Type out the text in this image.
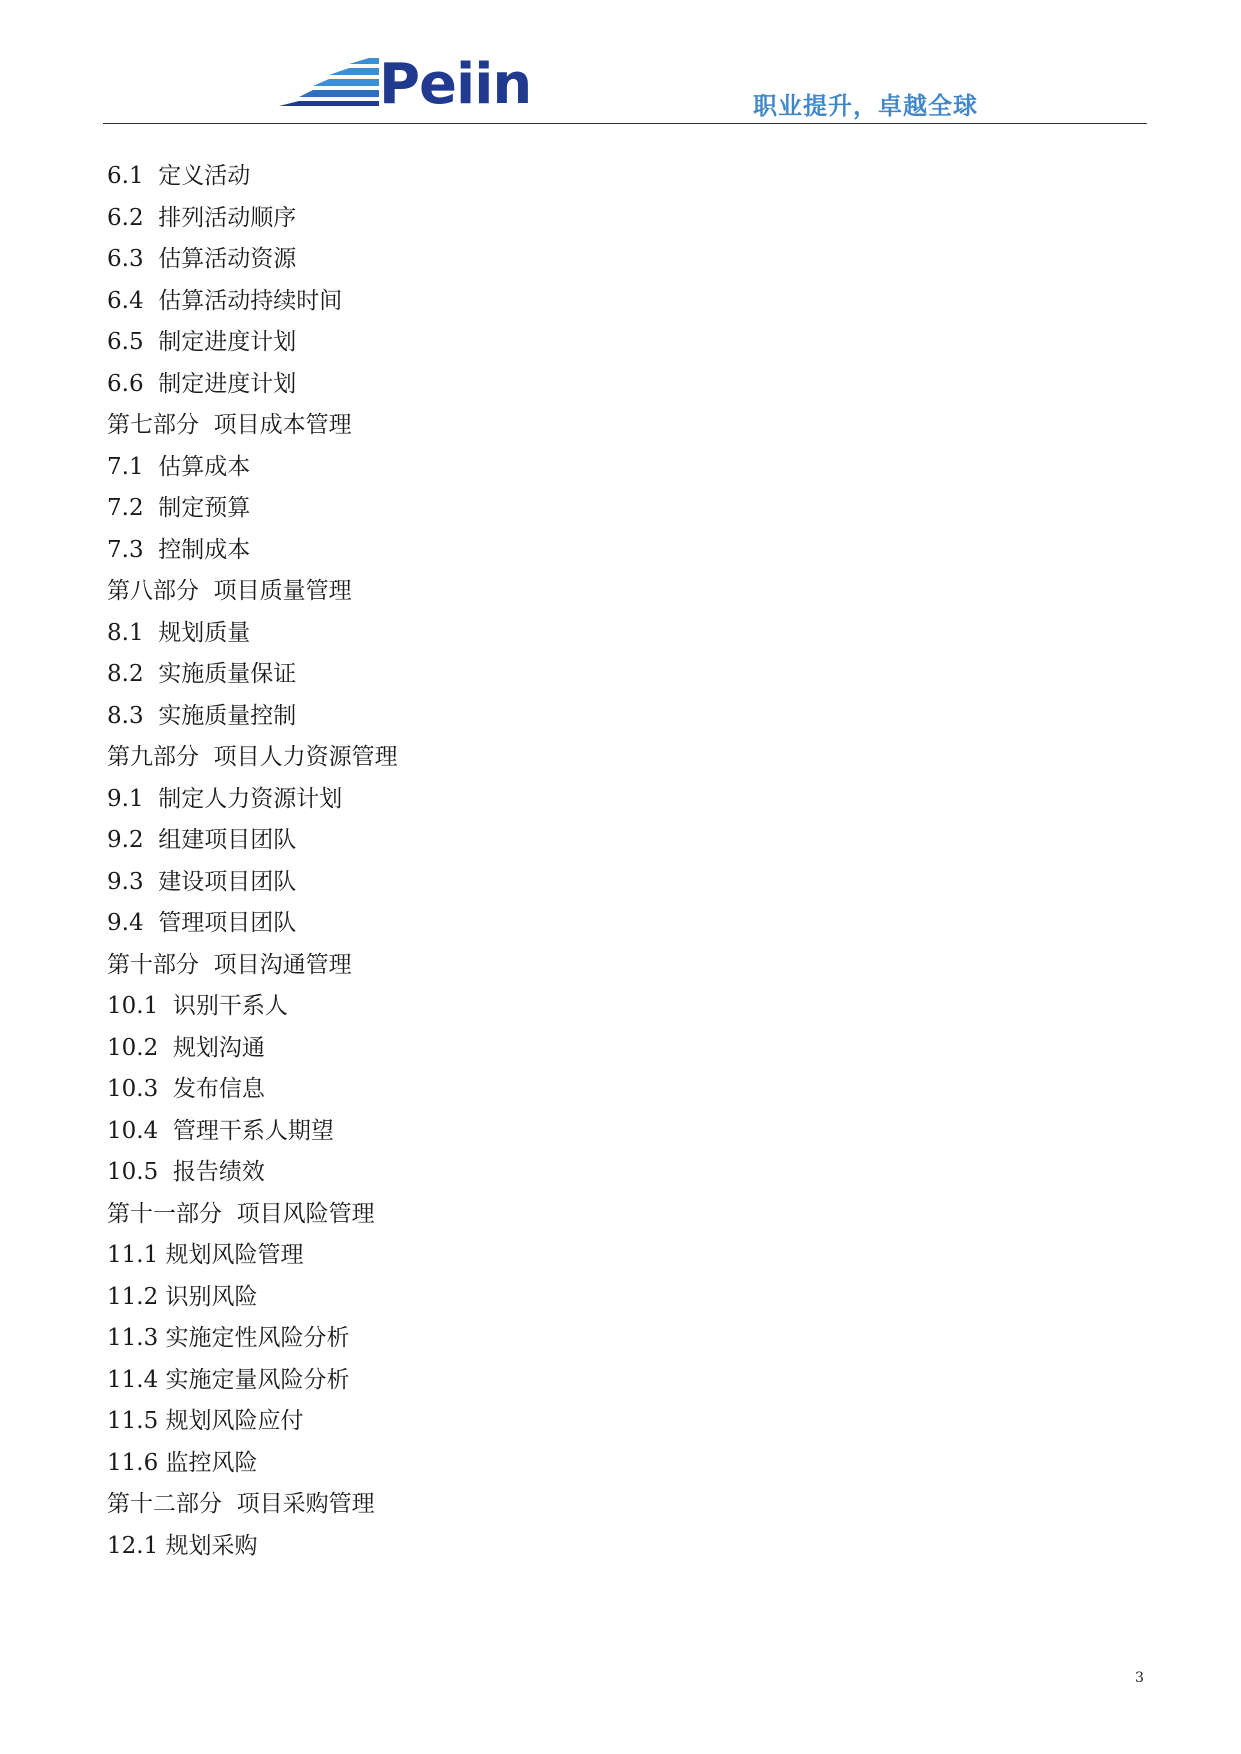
Peiin	职业提升，卓越全球
6.1  定义活动
6.2  排列活动顺序
6.3  估算活动资源
6.4  估算活动持续时间
6.5  制定进度计划
6.6  制定进度计划
第七部分  项目成本管理
7.1  估算成本
7.2  制定预算
7.3  控制成本
第八部分  项目质量管理
8.1  规划质量
8.2  实施质量保证
8.3  实施质量控制
第九部分  项目人力资源管理
9.1  制定人力资源计划
9.2  组建项目团队
9.3  建设项目团队
9.4  管理项目团队
第十部分  项目沟通管理
10.1  识别干系人
10.2  规划沟通
10.3  发布信息
10.4  管理干系人期望
10.5  报告绩效
第十一部分  项目风险管理
11.1 规划风险管理
11.2 识别风险
11.3 实施定性风险分析
11.4 实施定量风险分析
11.5 规划风险应付
11.6 监控风险
第十二部分  项目采购管理
12.1 规划采购
3
